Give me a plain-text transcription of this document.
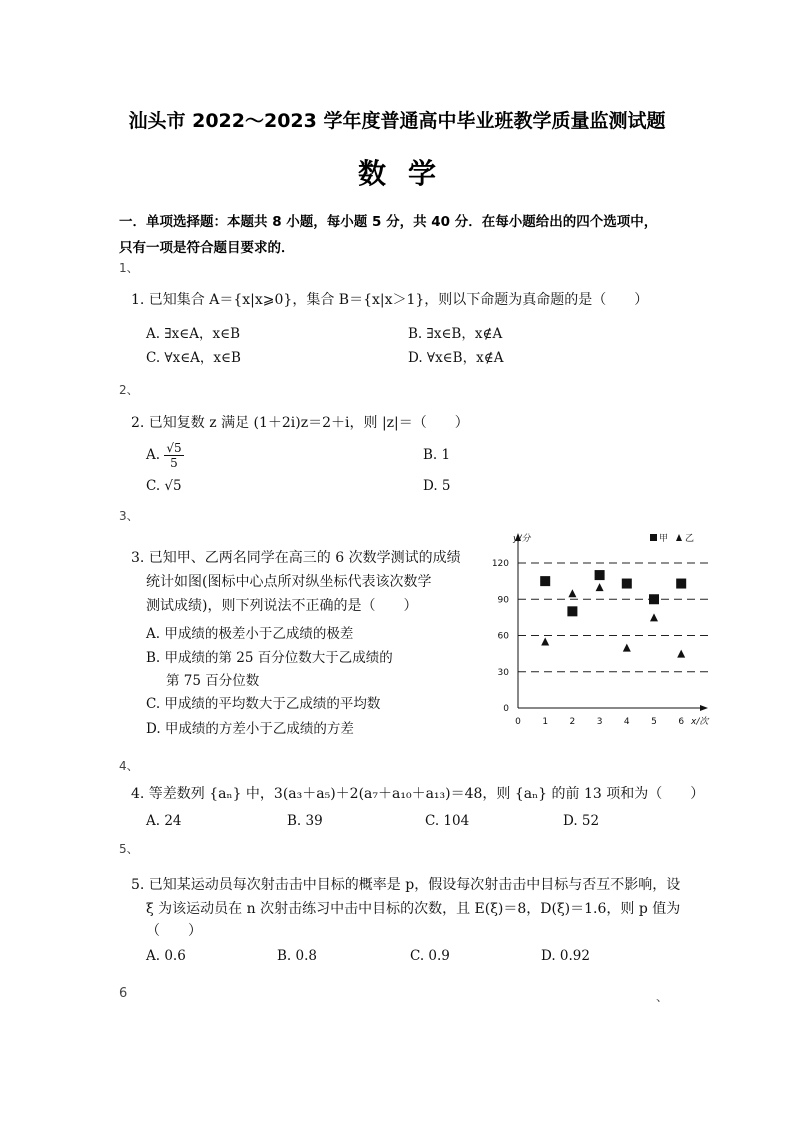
汕头市 2022～2023 学年度普通高中毕业班教学质量监测试题
数学
一．单项选择题：本题共 8 小题，每小题 5 分，共 40 分．在每小题给出的四个选项中，
只有一项是符合题目要求的．
1、
1. 已知集合 A＝{x|x⩾0}，集合 B＝{x|x＞1}，则以下命题为真命题的是（　　）
A. ∃x∈A，x∈B	B. ∃x∈B，x∉A
C. ∀x∈A，x∈B	D. ∀x∈B，x∉A
2、
2. 已知复数 z 满足 (1＋2i)z＝2＋i，则 |z|＝（　　）
A. $\frac{√5}{5}$	B. 1
C. √5	D. 5
3、
3. 已知甲、乙两名同学在高三的 6 次数学测试的成绩
统计如图(图标中心点所对纵坐标代表该次数学
测试成绩)，则下列说法不正确的是（　　）
A. 甲成绩的极差小于乙成绩的极差
B. 甲成绩的第 25 百分位数大于乙成绩的
第 75 百分位数
C. 甲成绩的平均数大于乙成绩的平均数
D. 甲成绩的方差小于乙成绩的方差
0
30
60
90
120
0 1 2 3 4 5 6
y/分
x/次
甲 乙
4、
4. 等差数列 {aₙ} 中，3(a₃＋a₅)＋2(a₇＋a₁₀＋a₁₃)＝48，则 {aₙ} 的前 13 项和为（　　）
A. 24	B. 39	C. 104	D. 52
5、
5. 已知某运动员每次射击击中目标的概率是 p，假设每次射击击中目标与否互不影响，设
ξ 为该运动员在 n 次射击练习中击中目标的次数，且 E(ξ)＝8，D(ξ)＝1.6，则 p 值为
（　　）
A. 0.6	B. 0.8	C. 0.9	D. 0.92
6	、
